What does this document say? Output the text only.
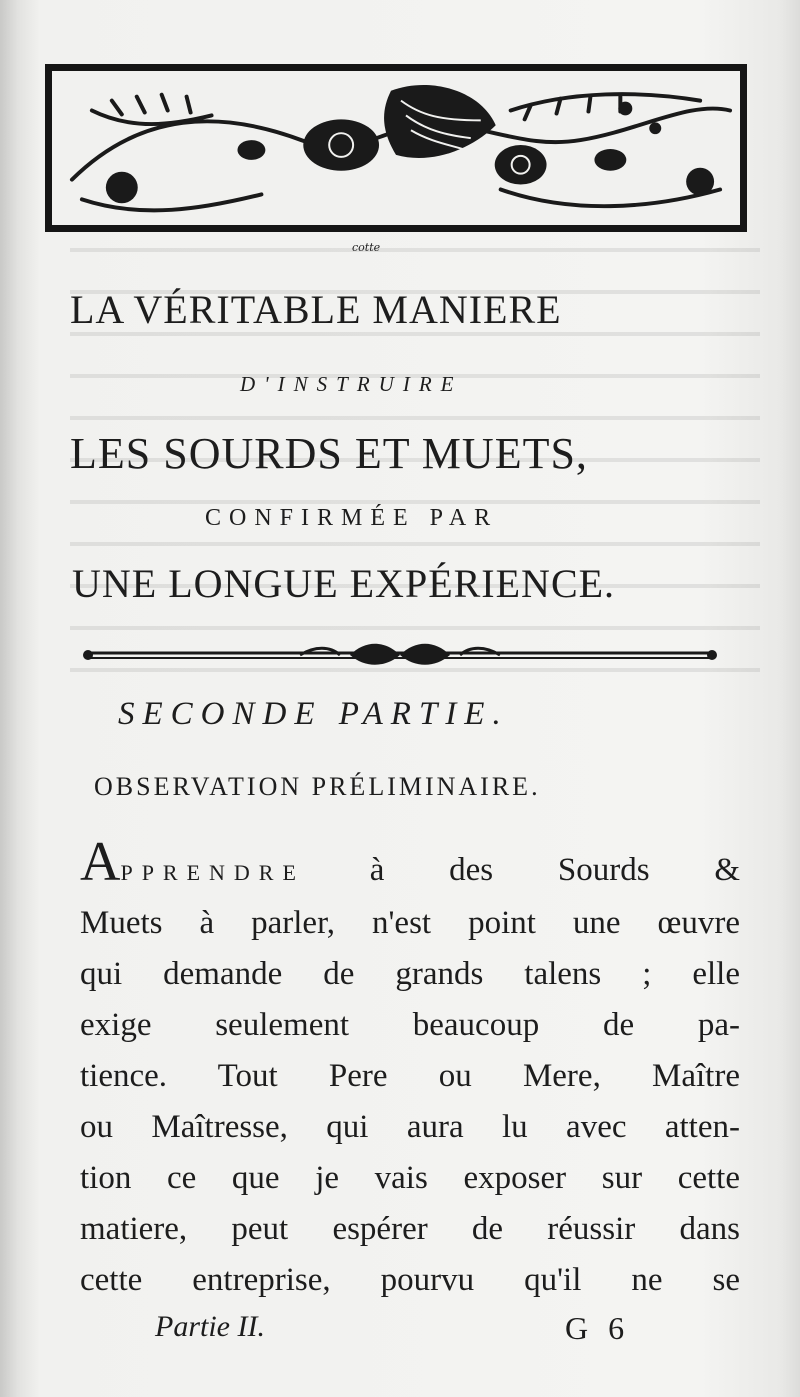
cotte
LA VÉRITABLE MANIERE
D'INSTRUIRE
LES SOURDS ET MUETS,
CONFIRMÉE PAR
UNE LONGUE EXPÉRIENCE.
SECONDE PARTIE.
OBSERVATION PRÉLIMINAIRE.
APPRENDRE à des Sourds &
Muets à parler, n'est point une œuvre
qui demande de grands talens ; elle
exige seulement beaucoup de pa-
tience. Tout Pere ou Mere, Maître
ou Maîtresse, qui aura lu avec atten-
tion ce que je vais exposer sur cette
matiere, peut espérer de réussir dans
cette entreprise, pourvu qu'il ne se
Partie II.	G 6
